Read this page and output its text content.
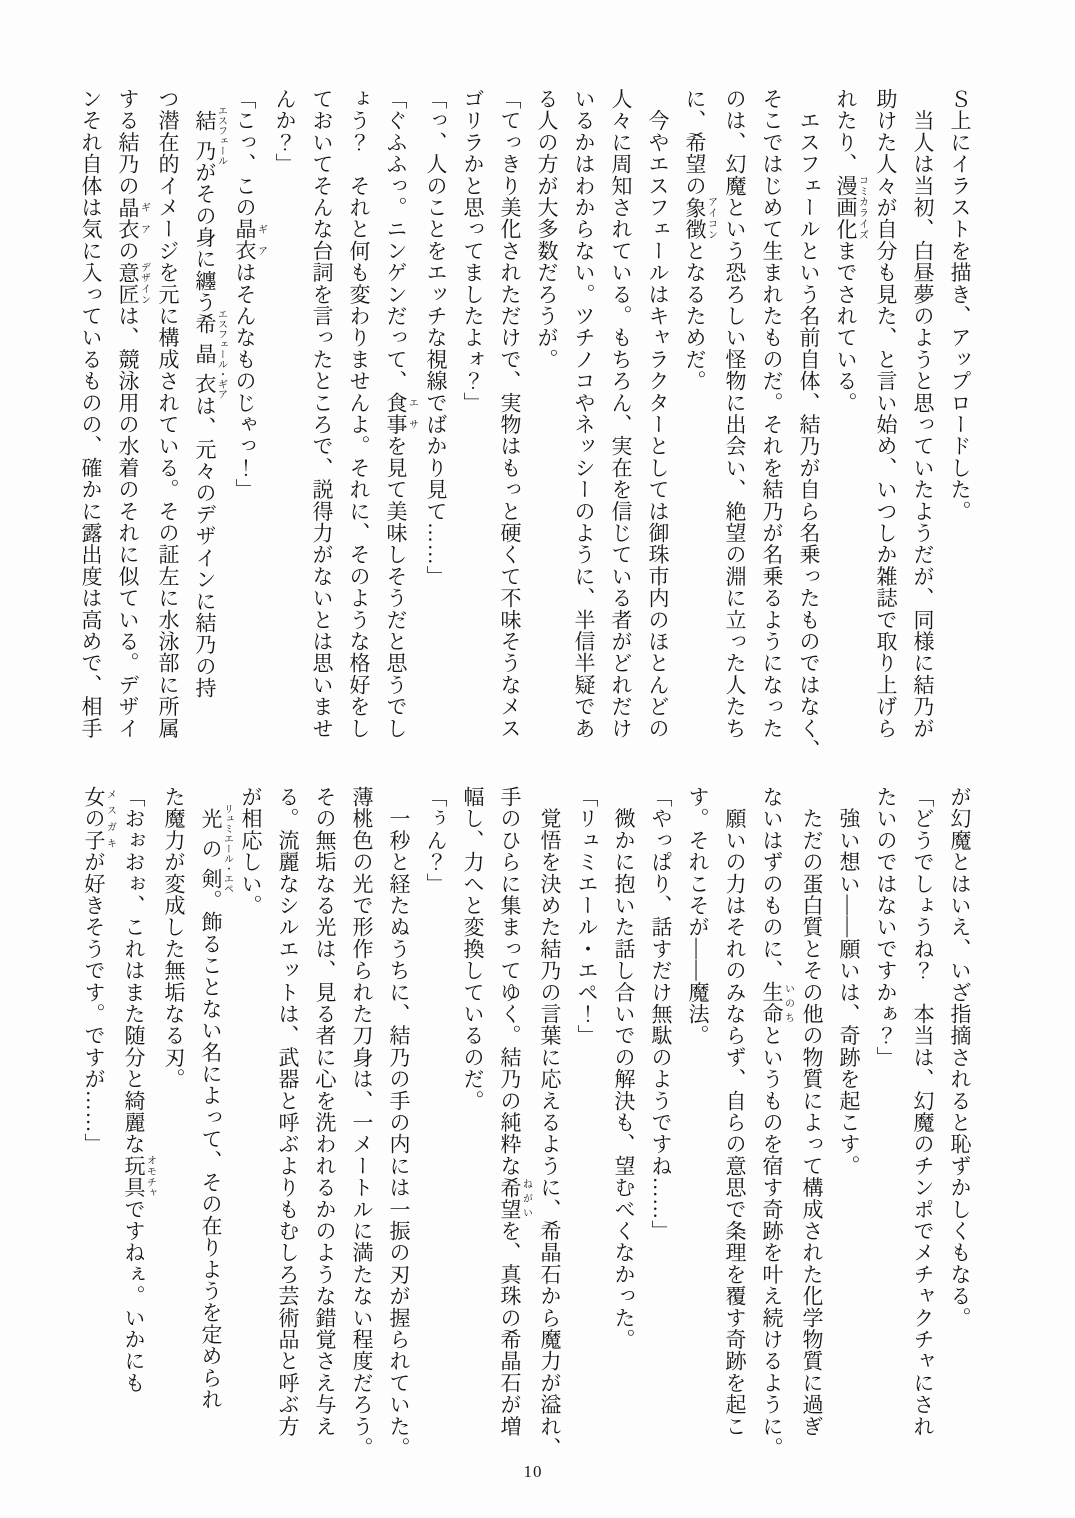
Ｓ上にイラストを描き、アップロードした。
　当人は当初、白昼夢のようと思っていたようだが、同様に結乃が
助けた人々が自分も見た、と言い始め、いつしか雑誌で取り上げら
れたり、漫画化コミカライズまでされている。
　エスフェールという名前自体、結乃が自ら名乗ったものではなく、
そこではじめて生まれたものだ。それを結乃が名乗るようになった
のは、幻魔という恐ろしい怪物に出会い、絶望の淵に立った人たち
に、希望の象徴アイコンとなるためだ。
　今やエスフェールはキャラクターとしては御珠市内のほとんどの
人々に周知されている。もちろん、実在を信じている者がどれだけ
いるかはわからない。ツチノコやネッシーのように、半信半疑であ
る人の方が大多数だろうが。
「てっきり美化されただけで、実物はもっと硬くて不味そうなメス
ゴリラかと思ってましたよォ？」
「っ、人のことをエッチな視線でばかり見て……」
「ぐふふっ。ニンゲンだって、食事エサを見て美味しそうだと思うでし
ょう？　それと何も変わりませんよ。それに、そのような格好をし
ておいてそんな台詞を言ったところで、説得力がないとは思いませ
んか？」
「こっ、この晶衣ギアはそんなものじゃっ！」
　結乃エスフェールがその身に纏う希晶衣エスフェール・ギアは、元々のデザインに結乃の持
つ潜在的イメージを元に構成されている。その証左に水泳部に所属
する結乃の晶衣ギアの意匠デザインは、競泳用の水着のそれに似ている。デザイ
ンそれ自体は気に入っているものの、確かに露出度は高めで、相手
が幻魔とはいえ、いざ指摘されると恥ずかしくもなる。
「どうでしょうね？　本当は、幻魔のチンポでメチャクチャにされ
たいのではないですかぁ？」
　強い想い――願いは、奇跡を起こす。
　ただの蛋白質とその他の物質によって構成された化学物質に過ぎ
ないはずのものに、生命いのちというものを宿す奇跡を叶え続けるように。
　願いの力はそれのみならず、自らの意思で条理を覆す奇跡を起こ
す。それこそが――魔法。
「やっぱり、話すだけ無駄のようですね……」
　微かに抱いた話し合いでの解決も、望むべくなかった。
「リュミエール・エペ！」
　覚悟を決めた結乃の言葉に応えるように、希晶石から魔力が溢れ、
手のひらに集まってゆく。結乃の純粋な希望ねがいを、真珠の希晶石が増
幅し、力へと変換しているのだ。
「ぅん？」
　一秒と経たぬうちに、結乃の手の内には一振の刃が握られていた。
薄桃色の光で形作られた刀身は、一メートルに満たない程度だろう。
その無垢なる光は、見る者に心を洗われるかのような錯覚さえ与え
る。流麗なシルエットは、武器と呼ぶよりもむしろ芸術品と呼ぶ方
が相応しい。
　光の剣リュミエール・エペ。飾ることない名によって、その在りようを定められ
た魔力が変成した無垢なる刃。
「おぉおぉ、これはまた随分と綺麗な玩具オモチャですねぇ。いかにも
女の子メスガキが好きそうです。ですが……」
10
